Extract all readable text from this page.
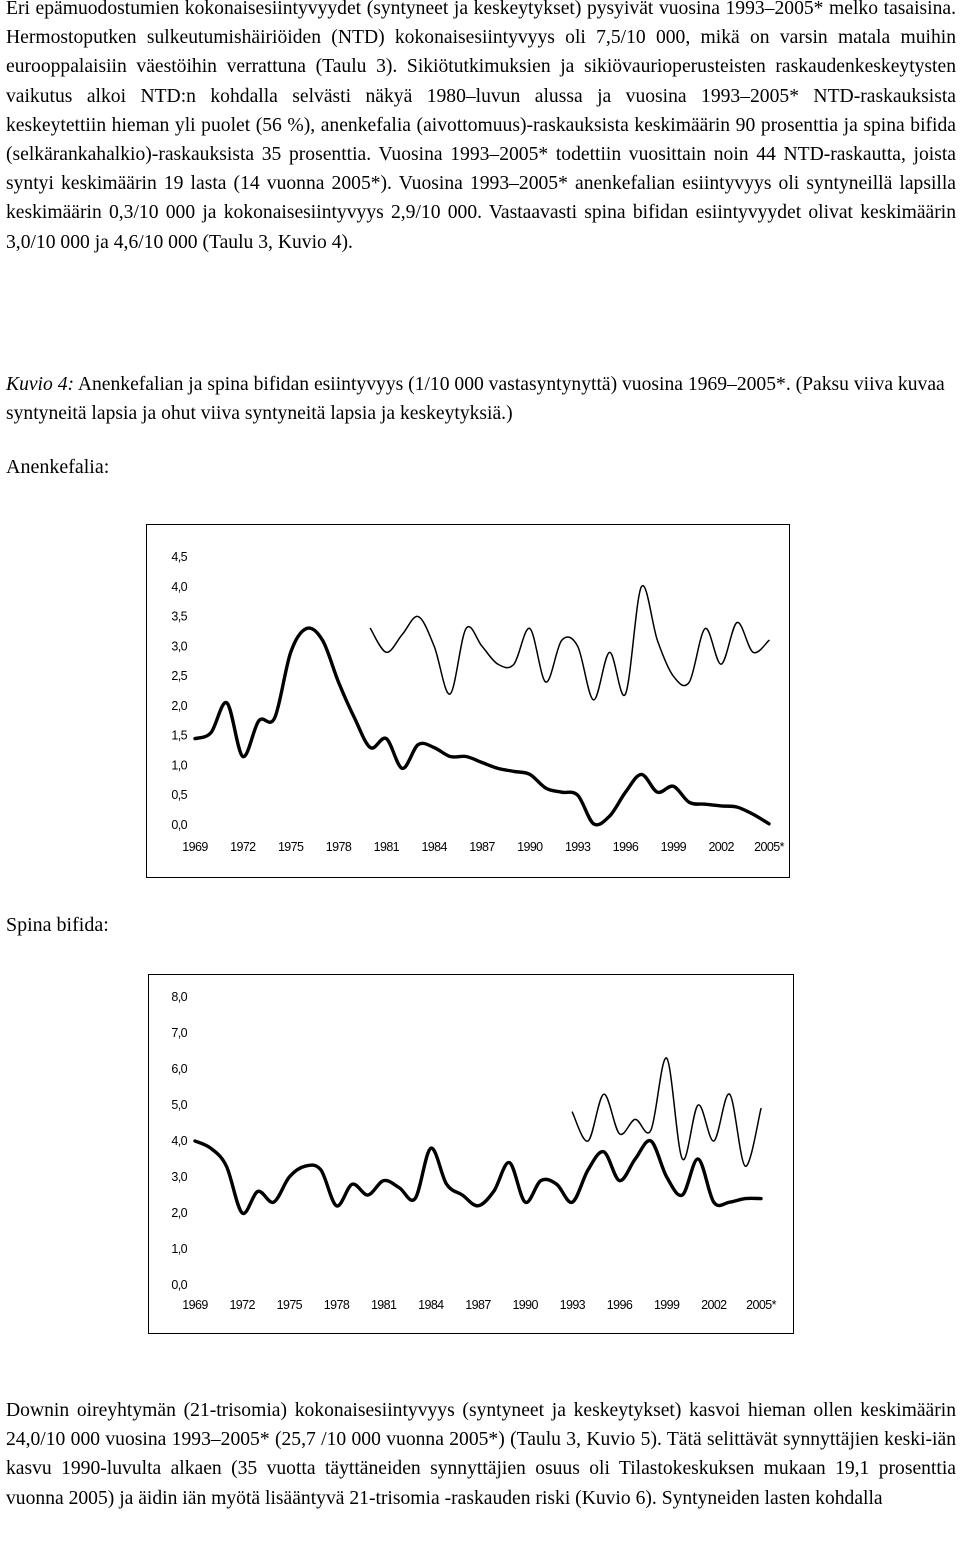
Eri epämuodostumien kokonaisesiintyvyydet (syntyneet ja keskeytykset) pysyivät vuosina 1993–2005* melko tasaisina. Hermostoputken sulkeutumishäiriöiden (NTD) kokonaisesiintyvyys oli 7,5/10 000, mikä on varsin matala muihin eurooppalaisiin väestöihin verrattuna (Taulu 3). Sikiötutkimuksien ja sikiövaurioperusteisten raskaudenkeskeytysten vaikutus alkoi NTD:n kohdalla selvästi näkyä 1980–luvun alussa ja vuosina 1993–2005* NTD-raskauksista keskeytettiin hieman yli puolet (56 %), anenkefalia (aivottomuus)-raskauksista keskimäärin 90 prosenttia ja spina bifida (selkärankahalkio)-raskauksista 35 prosenttia. Vuosina 1993–2005* todettiin vuosittain noin 44 NTD-raskautta, joista syntyi keskimäärin 19 lasta (14 vuonna 2005*). Vuosina 1993–2005* anenkefalian esiintyvyys oli syntyneillä lapsilla keskimäärin 0,3/10 000 ja kokonaisesiintyvyys 2,9/10 000. Vastaavasti spina bifidan esiintyvyydet olivat keskimäärin 3,0/10 000 ja 4,6/10 000 (Taulu 3, Kuvio 4).

Kuvio 4: Anenkefalian ja spina bifidan esiintyvyys (1/10 000 vastasyntynyttä) vuosina 1969–2005*. (Paksu viiva kuvaa syntyneitä lapsia ja ohut viiva syntyneitä lapsia ja keskeytyksiä.)

Anenkefalia:

0,0
0,5
1,0
1,5
2,0
2,5
3,0
3,5
4,0
4,5
1969 1972 1975 1978 1981 1984 1987 1990 1993 1996 1999 2002 2005*

Spina bifida:

0,0
1,0
2,0
3,0
4,0
5,0
6,0
7,0
8,0
1969 1972 1975 1978 1981 1984 1987 1990 1993 1996 1999 2002 2005*

Downin oireyhtymän (21-trisomia) kokonaisesiintyvyys (syntyneet ja keskeytykset) kasvoi hieman ollen keskimäärin 24,0/10 000 vuosina 1993–2005* (25,7 /10 000 vuonna 2005*) (Taulu 3, Kuvio 5). Tätä selittävät synnyttäjien keski-iän kasvu 1990-luvulta alkaen (35 vuotta täyttäneiden synnyttäjien osuus oli Tilastokeskuksen mukaan 19,1 prosenttia vuonna 2005) ja äidin iän myötä lisääntyvä 21-trisomia -raskauden riski (Kuvio 6). Syntyneiden lasten kohdalla
